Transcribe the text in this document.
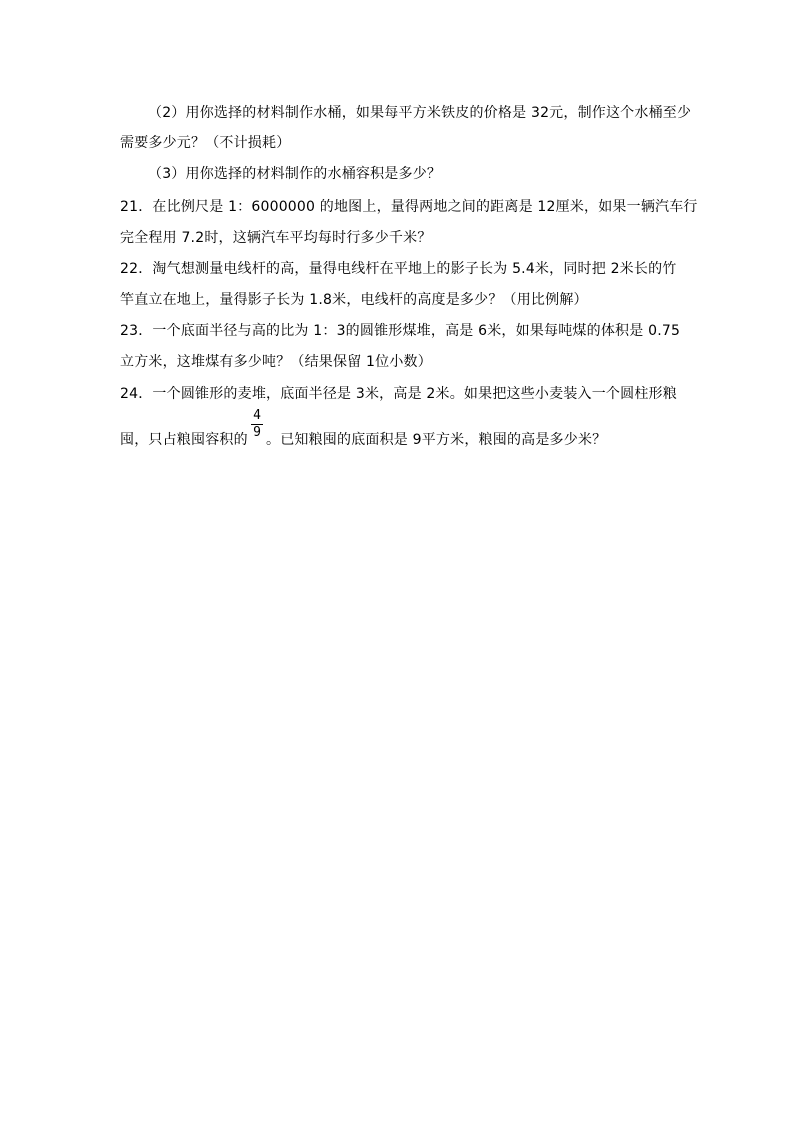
（2）用你选择的材料制作水桶，如果每平方米铁皮的价格是 32元，制作这个水桶至少
需要多少元？（不计损耗）
（3）用你选择的材料制作的水桶容积是多少？
21．在比例尺是 1：6000000 的地图上，量得两地之间的距离是 12厘米，如果一辆汽车行
完全程用 7.2时，这辆汽车平均每时行多少千米？
22．淘气想测量电线杆的高，量得电线杆在平地上的影子长为 5.4米，同时把 2米长的竹
竿直立在地上，量得影子长为 1.8米，电线杆的高度是多少？（用比例解）
23．一个底面半径与高的比为 1：3的圆锥形煤堆，高是 6米，如果每吨煤的体积是 0.75
立方米，这堆煤有多少吨？（结果保留 1位小数）
24．一个圆锥形的麦堆，底面半径是 3米，高是 2米。如果把这些小麦装入一个圆柱形粮
囤，只占粮囤容积的
4
9 。已知粮囤的底面积是 9平方米，粮囤的高是多少米？
